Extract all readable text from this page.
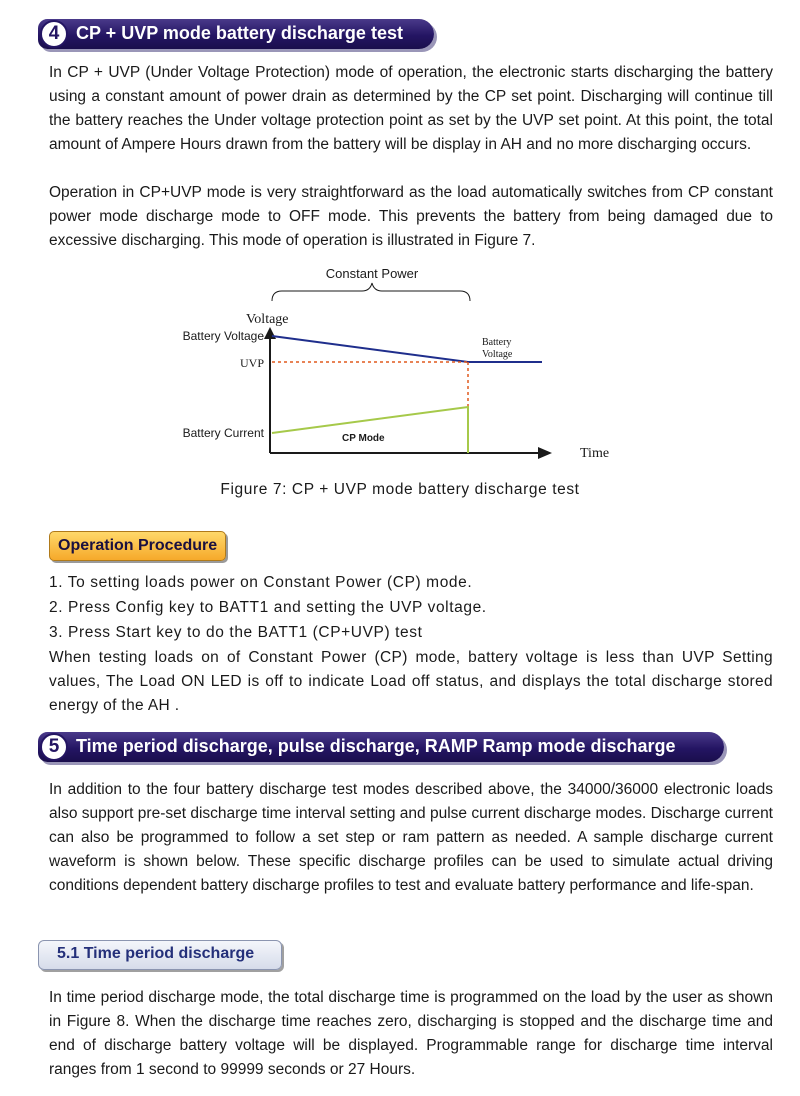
4 CP + UVP mode battery discharge test

In CP + UVP (Under Voltage Protection) mode of operation, the electronic starts discharging the battery using a constant amount of power drain as determined by the CP set point. Discharging will continue till the battery reaches the Under voltage protection point as set by the UVP set point. At this point, the total amount of Ampere Hours drawn from the battery will be display in AH and no more discharging occurs.

Operation in CP+UVP mode is very straightforward as the load automatically switches from CP constant power mode discharge mode to OFF mode. This prevents the battery from being damaged due to excessive discharging. This mode of operation is illustrated in Figure 7.

Constant Power
Voltage
Time
Battery Voltage
UVP
Battery Current	CP Mode
Battery
Voltage
Figure 7: CP + UVP mode battery discharge test
Operation Procedure
1. To setting loads power on Constant Power (CP) mode.
2. Press Config key to BATT1 and setting the UVP voltage.
3. Press Start key to do the BATT1 (CP+UVP) test

When testing loads on of Constant Power (CP) mode, battery voltage is less than UVP Setting values, The Load ON LED is off to indicate Load off status, and displays the total discharge stored energy of the AH .

5 Time period discharge, pulse discharge, RAMP Ramp mode discharge

In addition to the four battery discharge test modes described above, the 34000/36000 electronic loads also support pre-set discharge time interval setting and pulse current discharge modes. Discharge current can also be programmed to follow a set step or ram pattern as needed. A sample discharge current waveform is shown below. These specific discharge profiles can be used to simulate actual driving conditions dependent battery discharge profiles to test and evaluate battery performance and life-span.

5.1 Time period discharge

In time period discharge mode, the total discharge time is programmed on the load by the user as shown in Figure 8. When the discharge time reaches zero, discharging is stopped and the discharge time and end of discharge battery voltage will be displayed. Programmable range for discharge time interval ranges from 1 second to 99999 seconds or 27 Hours.
